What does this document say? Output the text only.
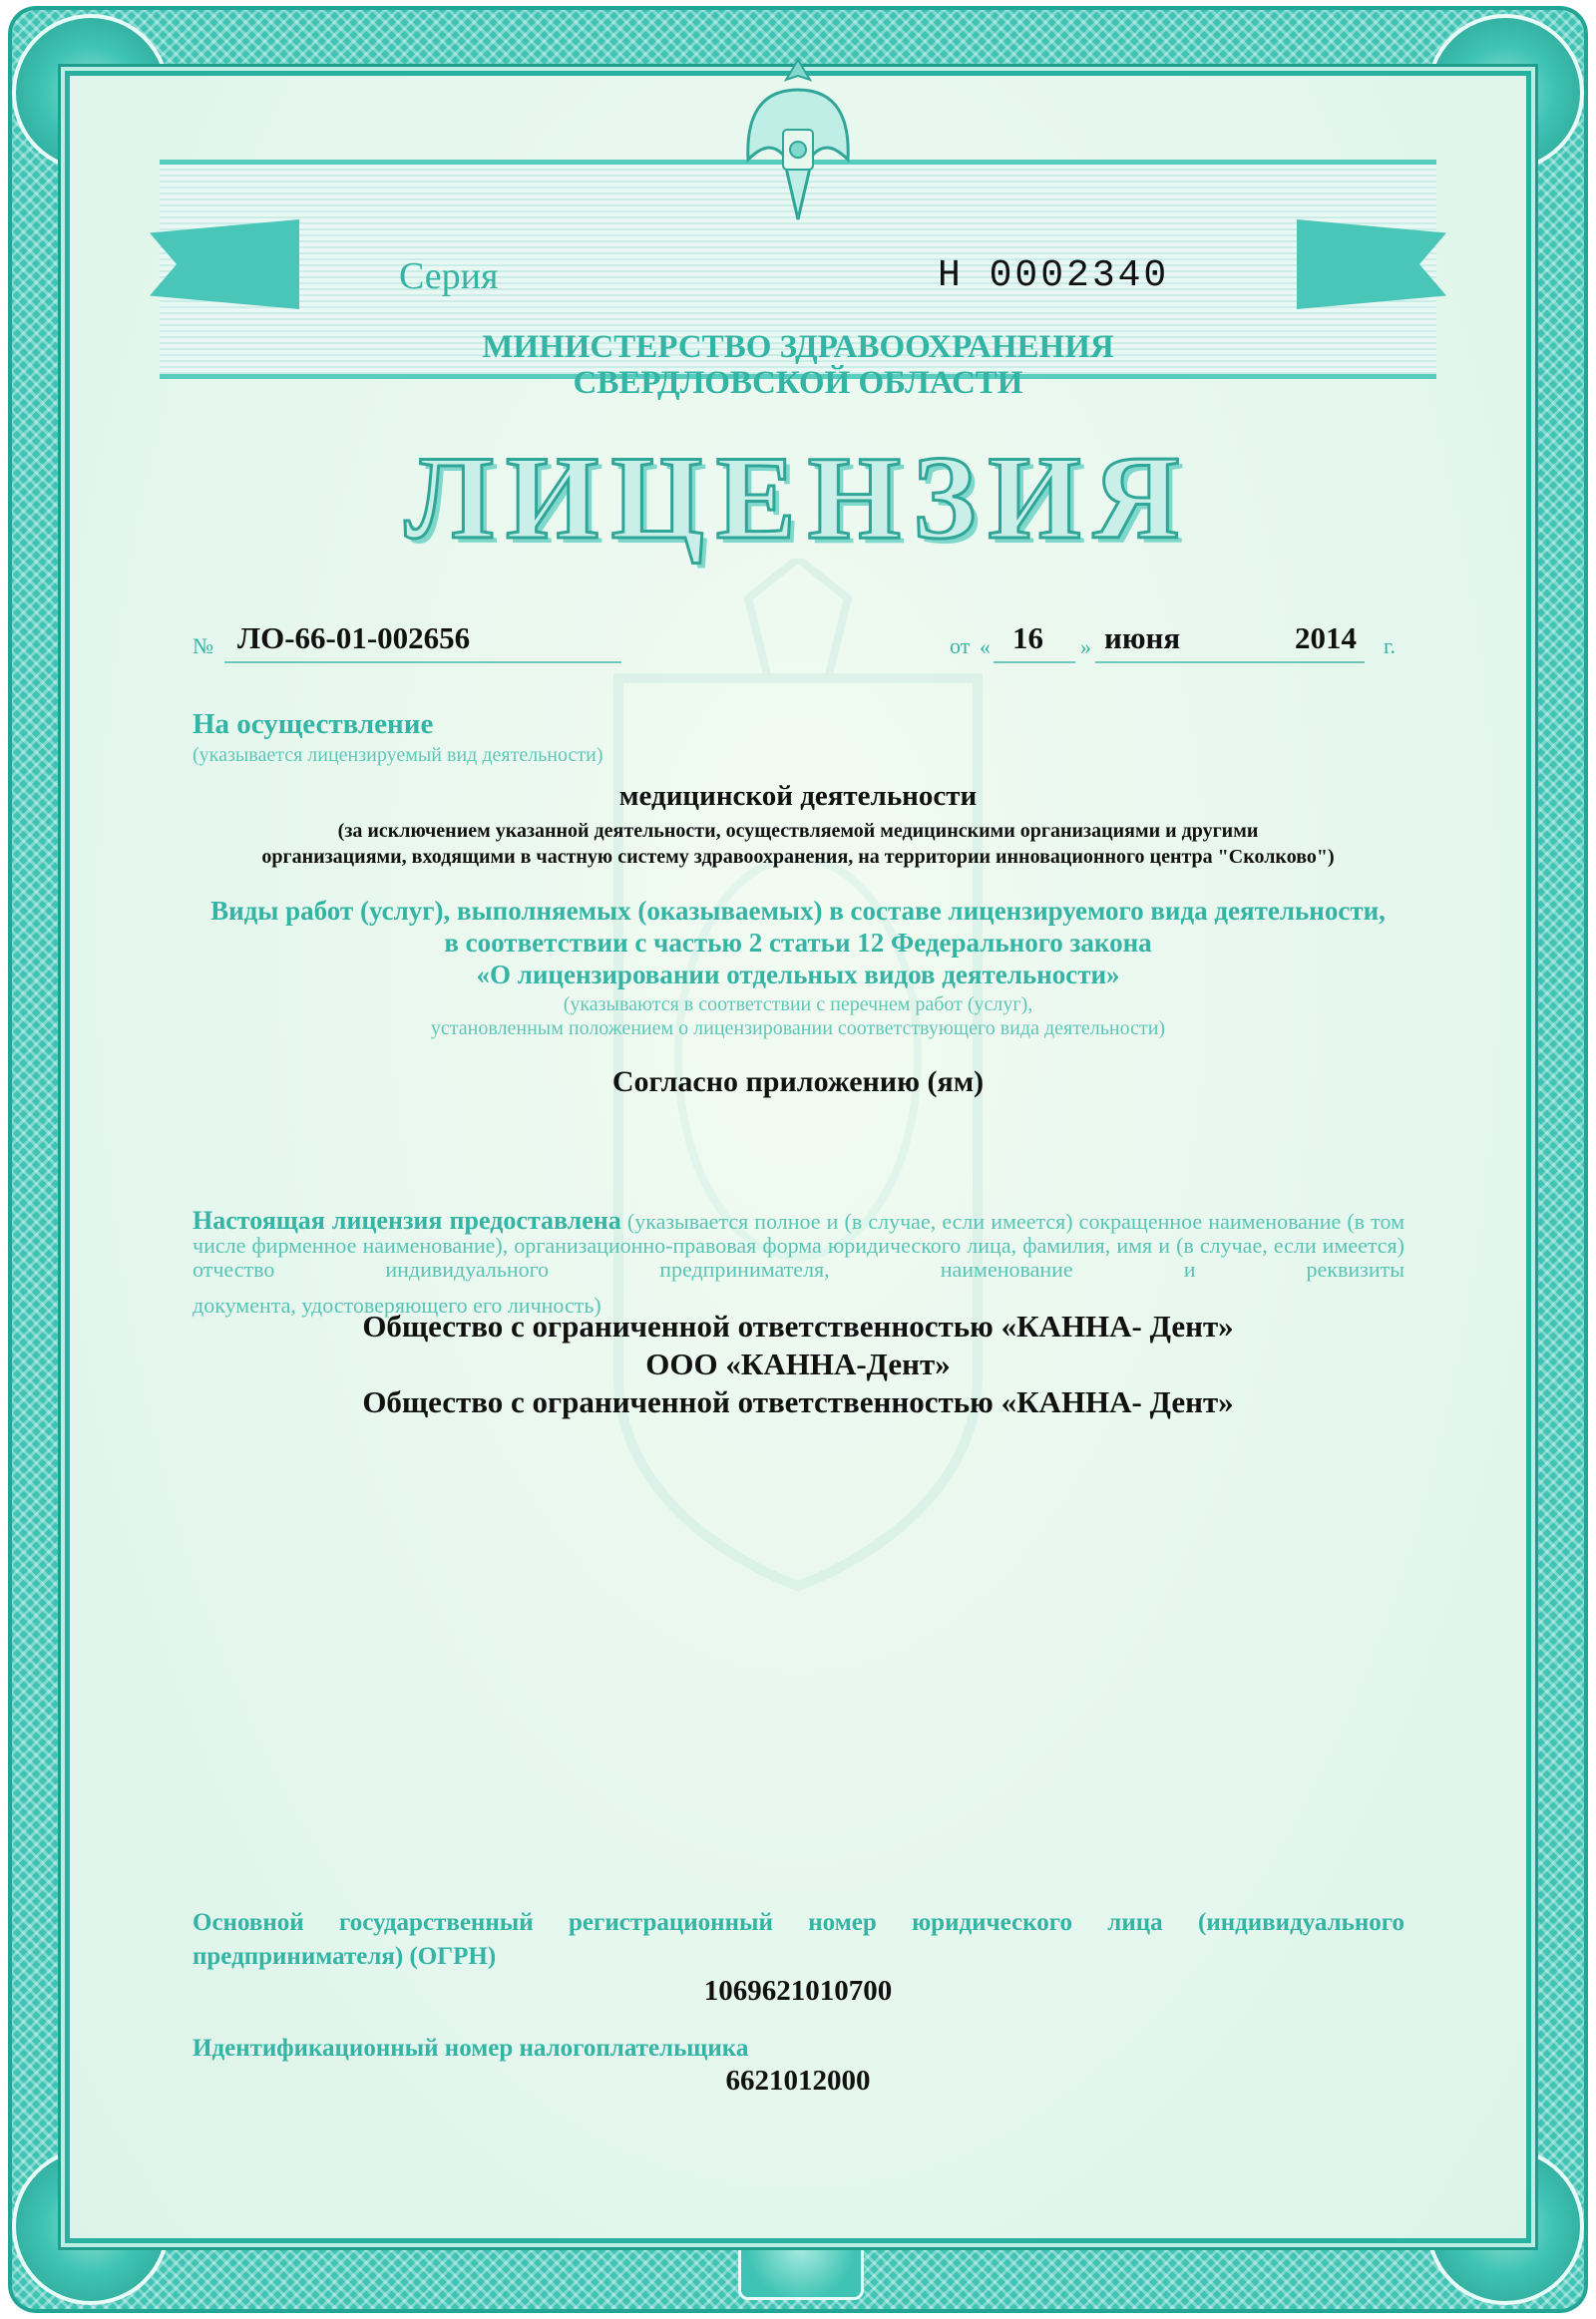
Серия	Н 0002340

МИНИСТЕРСТВО ЗДРАВООХРАНЕНИЯ

СВЕРДЛОВСКОЙ ОБЛАСТИ

ЛИЦЕНЗИЯ

№ ЛО-66-01-002656	от « 16 » июня	2014 г.

На осуществление

(указывается лицензируемый вид деятельности)

медицинской деятельности

(за исключением указанной деятельности, осуществляемой медицинскими организациями и другими

организациями, входящими в частную систему здравоохранения, на территории инновационного центра "Сколково")

Виды работ (услуг), выполняемых (оказываемых) в составе лицензируемого вида деятельности,

в соответствии с частью 2 статьи 12 Федерального закона

«О лицензировании отдельных видов деятельности»

(указываются в соответствии с перечнем работ (услуг),

установленным положением о лицензировании соответствующего вида деятельности)

Согласно приложению (ям)

Настоящая лицензия предоставлена (указывается полное и (в случае, если имеется) сокращенное наименование (в том числе фирменное наименование), организационно-правовая форма юридического лица, фамилия, имя и (в случае, если имеется) отчество индивидуального предпринимателя, наименование и реквизиты

документа, удостоверяющего его личность)

Общество с ограниченной ответственностью «КАННА- Дент»

ООО «КАННА-Дент»

Общество с ограниченной ответственностью «КАННА- Дент»

Основной государственный регистрационный номер юридического лица (индивидуального

предпринимателя) (ОГРН)

1069621010700

Идентификационный номер налогоплательщика

6621012000
